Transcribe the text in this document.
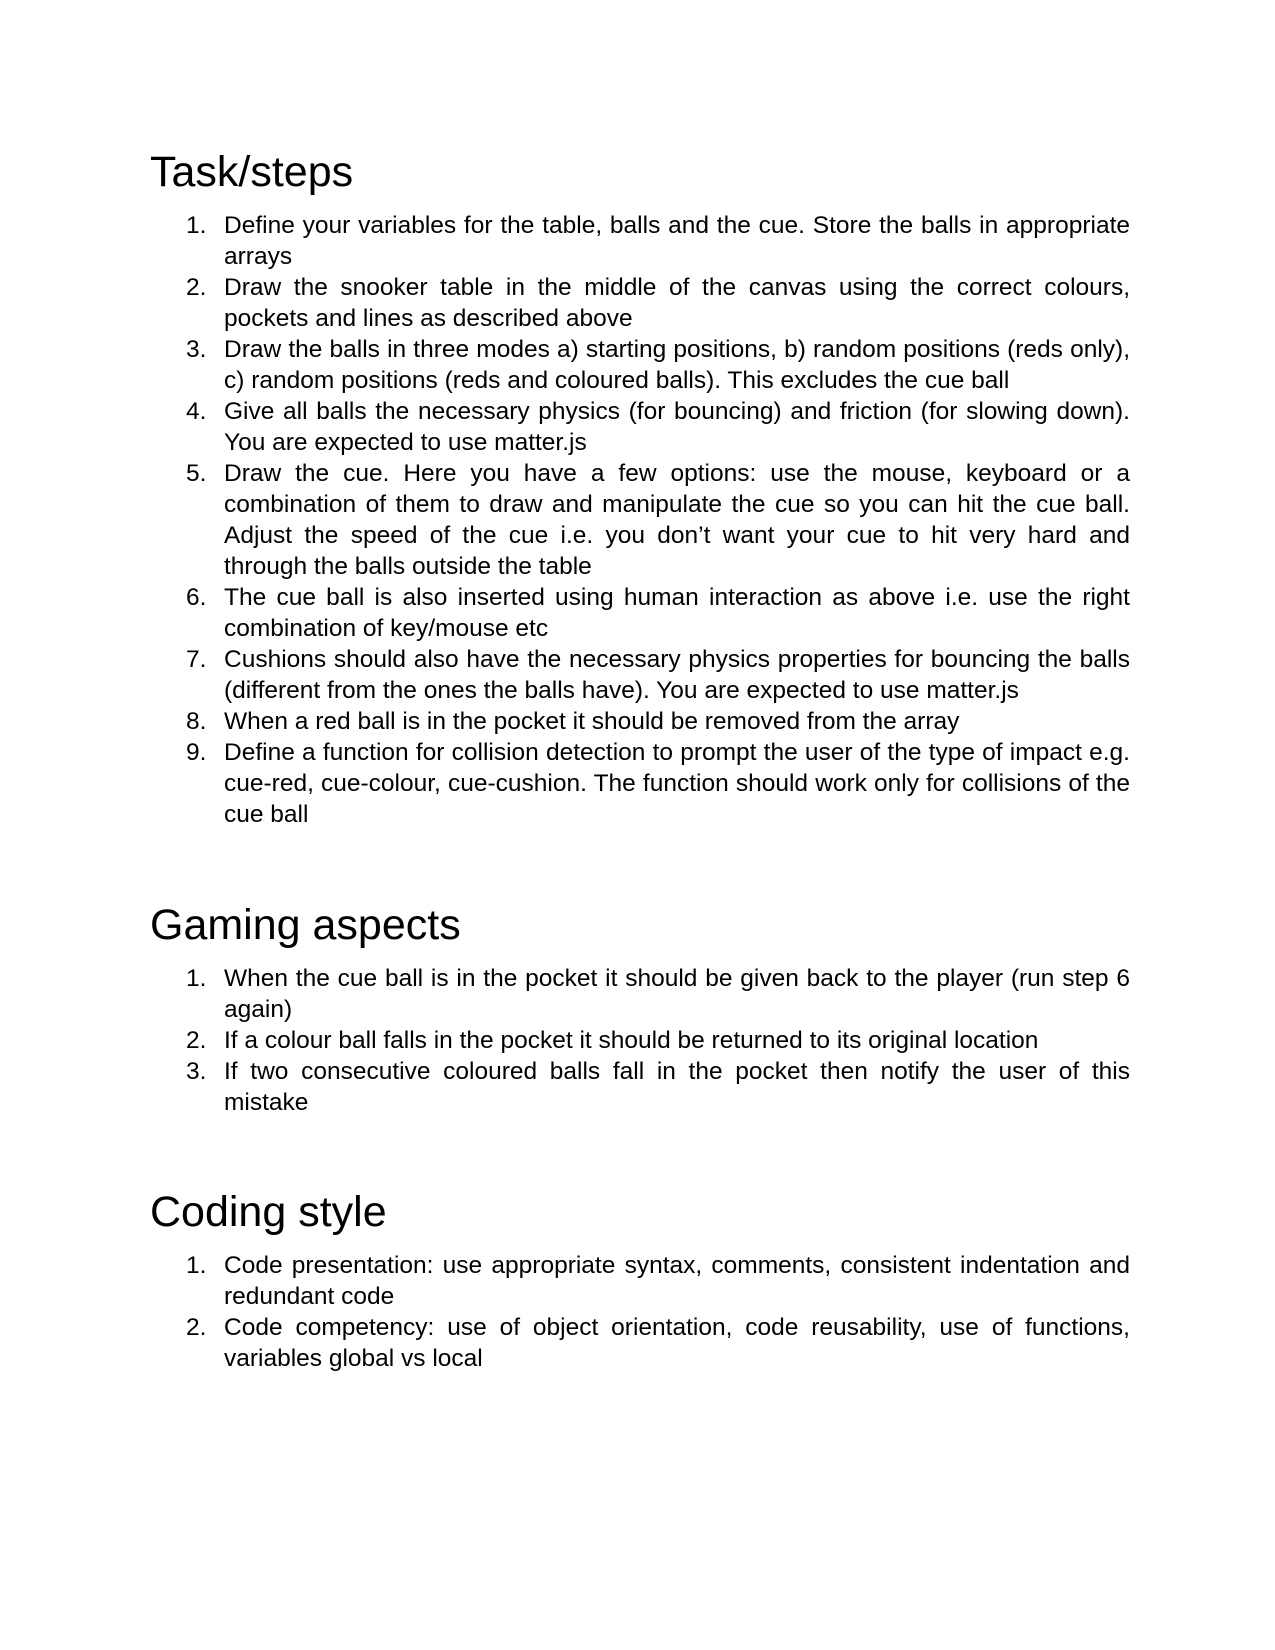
Task/steps
1. Define your variables for the table, balls and the cue. Store the balls in appropriate arrays
2. Draw the snooker table in the middle of the canvas using the correct colours, pockets and lines as described above
3. Draw the balls in three modes a) starting positions, b) random positions (reds only), c) random positions (reds and coloured balls). This excludes the cue ball
4. Give all balls the necessary physics (for bouncing) and friction (for slowing down). You are expected to use matter.js
5. Draw the cue. Here you have a few options: use the mouse, keyboard or a combination of them to draw and manipulate the cue so you can hit the cue ball. Adjust the speed of the cue i.e. you don’t want your cue to hit very hard and through the balls outside the table
6. The cue ball is also inserted using human interaction as above i.e. use the right combination of key/mouse etc
7. Cushions should also have the necessary physics properties for bouncing the balls (different from the ones the balls have). You are expected to use matter.js
8. When a red ball is in the pocket it should be removed from the array
9. Define a function for collision detection to prompt the user of the type of impact e.g. cue-red, cue-colour, cue-cushion. The function should work only for collisions of the cue ball
Gaming aspects
1. When the cue ball is in the pocket it should be given back to the player (run step 6 again)
2. If a colour ball falls in the pocket it should be returned to its original location
3. If two consecutive coloured balls fall in the pocket then notify the user of this mistake
Coding style
1. Code presentation: use appropriate syntax, comments, consistent indentation and redundant code
2. Code competency: use of object orientation, code reusability, use of functions, variables global vs local
